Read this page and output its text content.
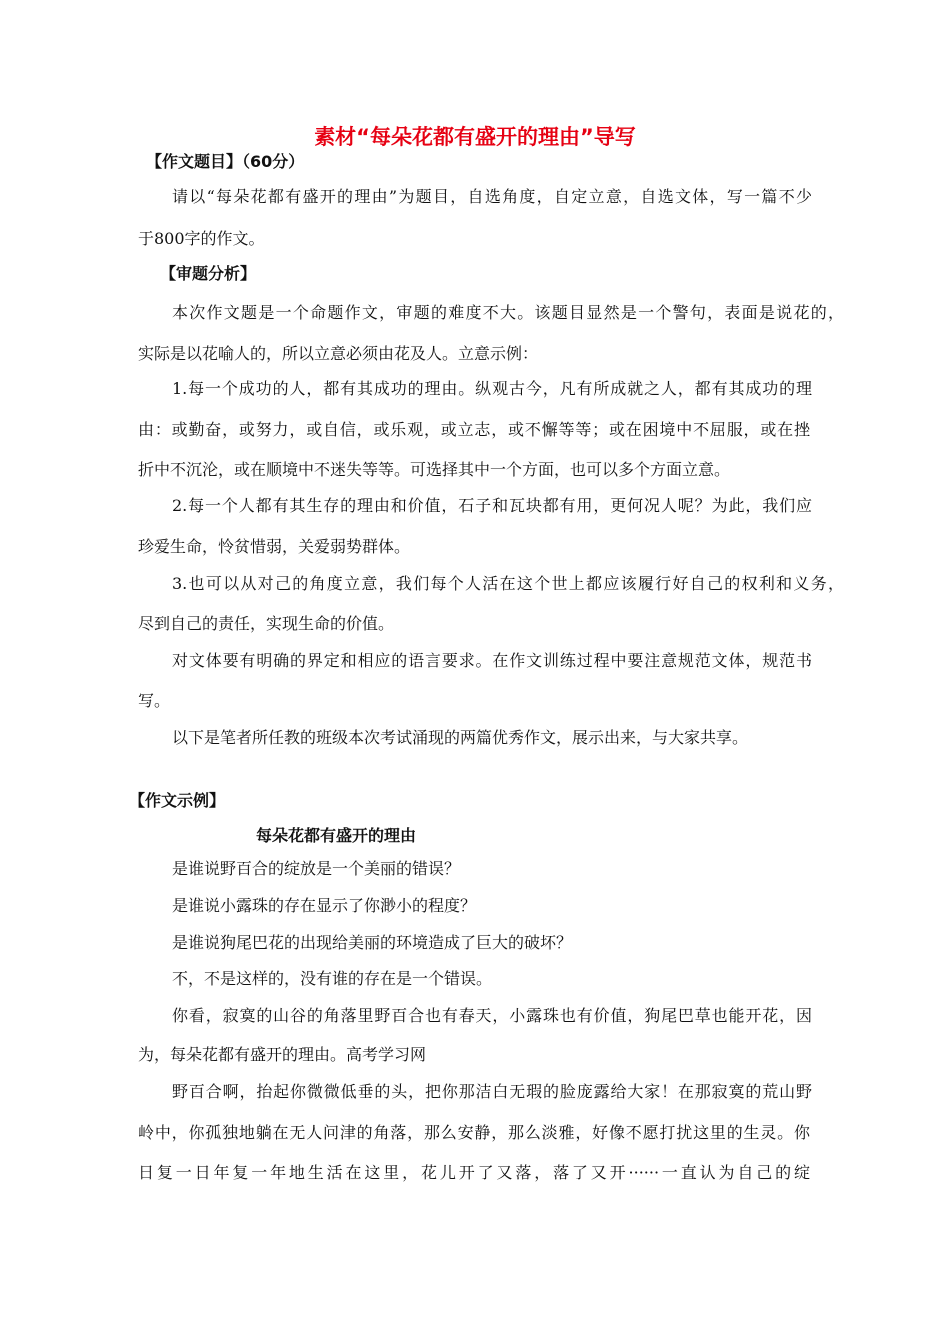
素材“每朵花都有盛开的理由”导写
【作文题目】（60分）
请以“每朵花都有盛开的理由”为题目，自选角度，自定立意，自选文体，写一篇不少
于800字的作文。
【审题分析】
本次作文题是一个命题作文，审题的难度不大。该题目显然是一个警句，表面是说花的，
实际是以花喻人的，所以立意必须由花及人。立意示例：
1.每一个成功的人，都有其成功的理由。纵观古今，凡有所成就之人，都有其成功的理
由：或勤奋，或努力，或自信，或乐观，或立志，或不懈等等；或在困境中不屈服，或在挫
折中不沉沦，或在顺境中不迷失等等。可选择其中一个方面，也可以多个方面立意。
2.每一个人都有其生存的理由和价值，石子和瓦块都有用，更何况人呢？为此，我们应
珍爱生命，怜贫惜弱，关爱弱势群体。
3.也可以从对己的角度立意，我们每个人活在这个世上都应该履行好自己的权利和义务，
尽到自己的责任，实现生命的价值。
对文体要有明确的界定和相应的语言要求。在作文训练过程中要注意规范文体，规范书
写。
以下是笔者所任教的班级本次考试涌现的两篇优秀作文，展示出来，与大家共享。
【作文示例】
每朵花都有盛开的理由
是谁说野百合的绽放是一个美丽的错误？
是谁说小露珠的存在显示了你渺小的程度？
是谁说狗尾巴花的出现给美丽的环境造成了巨大的破坏？
不，不是这样的，没有谁的存在是一个错误。
你看，寂寞的山谷的角落里野百合也有春天，小露珠也有价值，狗尾巴草也能开花，因
为，每朵花都有盛开的理由。高考学习网
野百合啊，抬起你微微低垂的头，把你那洁白无瑕的脸庞露给大家！在那寂寞的荒山野
岭中，你孤独地躺在无人问津的角落，那么安静，那么淡雅，好像不愿打扰这里的生灵。你
日复一日年复一年地生活在这里，花儿开了又落，落了又开······一直认为自己的绽
